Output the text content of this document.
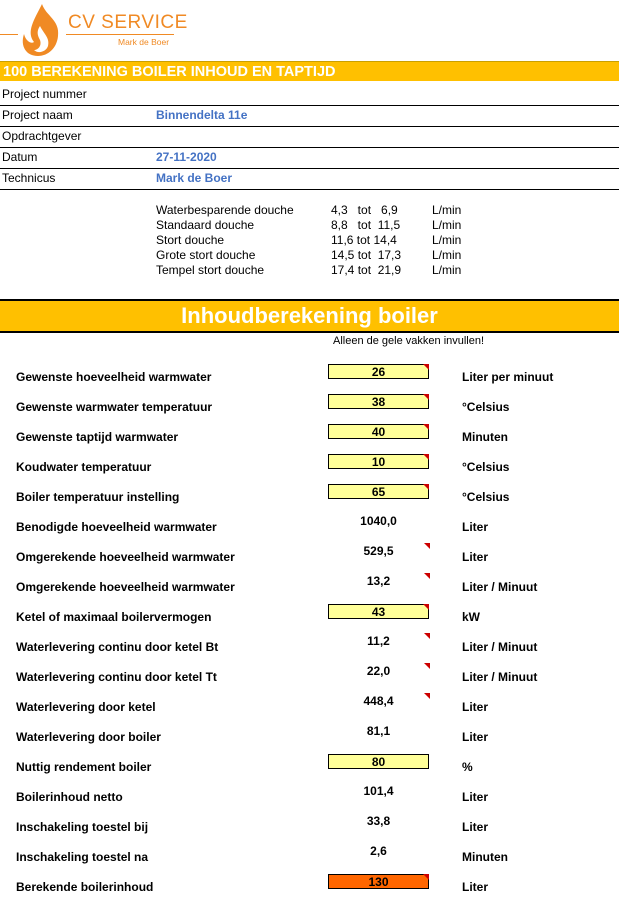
CV SERVICE
Mark de Boer
100 BEREKENING BOILER INHOUD EN TAPTIJD
Project nummer
Project naam	Binnendelta 11e
Opdrachtgever
Datum	27-11-2020
Technicus	Mark de Boer
Waterbesparende douche	4,3   tot   6,9	L/min
Standaard douche	8,8   tot  11,5	L/min
Stort douche	11,6 tot 14,4	L/min
Grote stort douche	14,5 tot  17,3	L/min
Tempel stort douche	17,4 tot  21,9	L/min
Inhoudberekening boiler
Alleen de gele vakken invullen!
Gewenste hoeveelheid warmwater	26	Liter per minuut
Gewenste warmwater temperatuur	38	°Celsius
Gewenste taptijd warmwater	40	Minuten
Koudwater temperatuur	10	°Celsius
Boiler temperatuur instelling	65	°Celsius
Benodigde hoeveelheid warmwater	1040,0	Liter
Omgerekende hoeveelheid warmwater	529,5	Liter
Omgerekende hoeveelheid warmwater	13,2	Liter / Minuut
Ketel of maximaal boilervermogen	43	kW
Waterlevering continu door ketel Bt	11,2	Liter / Minuut
Waterlevering continu door ketel Tt	22,0	Liter / Minuut
Waterlevering door ketel	448,4	Liter
Waterlevering door boiler	81,1	Liter
Nuttig rendement boiler	80	%
Boilerinhoud netto	101,4	Liter
Inschakeling toestel bij	33,8	Liter
Inschakeling toestel na	2,6	Minuten
Berekende boilerinhoud	130	Liter
